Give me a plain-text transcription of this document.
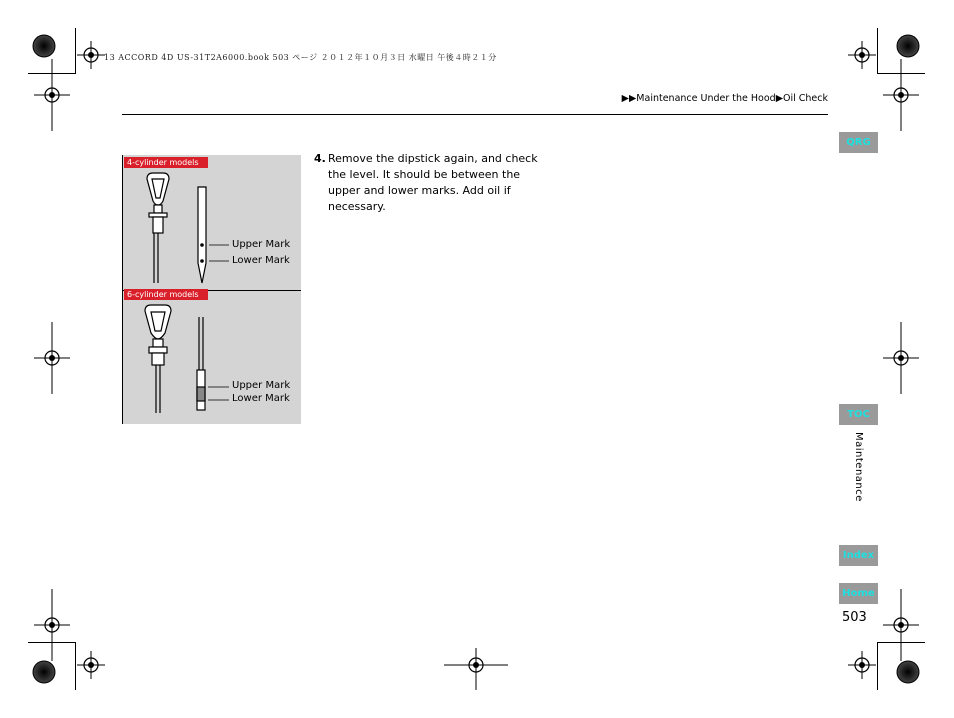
13 ACCORD 4D US-31T2A6000.book 503 ページ ２０１２年１０月３日 水曜日 午後４時２１分
▶▶Maintenance Under the Hood▶Oil Check
4-cylinder models
6-cylinder models
Upper Mark
Lower Mark
Upper Mark
Lower Mark
4. Remove the dipstick again, and check the level. It should be between the upper and lower marks. Add oil if necessary.
QRG
TOC
Maintenance
Index
Home
503
